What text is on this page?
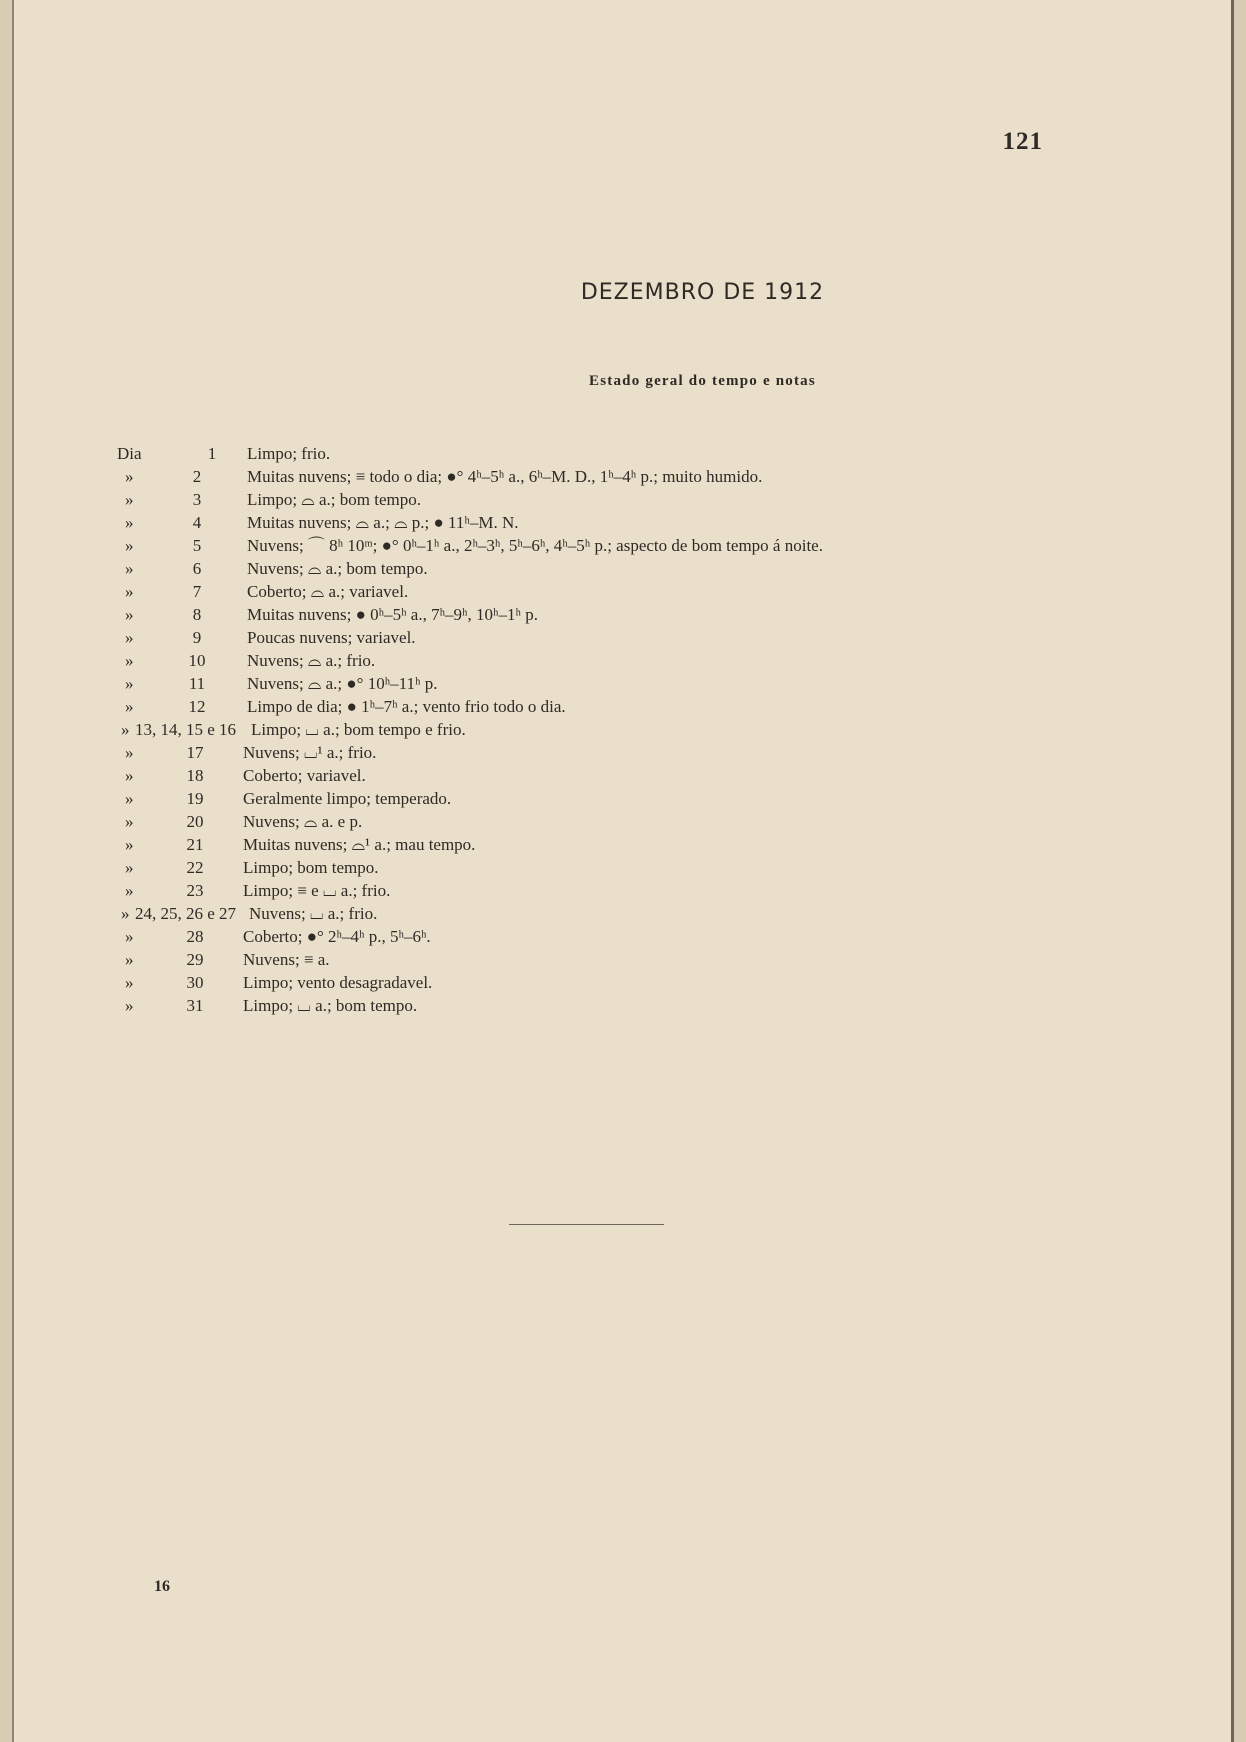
121
DEZEMBRO DE 1912
Estado geral do tempo e notas
Dia	1	Limpo; frio.
»	2	Muitas nuvens; ≡ todo o dia; ●° 4ʰ–5ʰ a., 6ʰ–M. D., 1ʰ–4ʰ p.; muito humido.
»	3	Limpo; ⌓ a.; bom tempo.
»	4	Muitas nuvens; ⌓ a.; ⌓ p.; ● 11ʰ–M. N.
»	5	Nuvens; ⌒ 8ʰ 10ᵐ; ●° 0ʰ–1ʰ a., 2ʰ–3ʰ, 5ʰ–6ʰ, 4ʰ–5ʰ p.; aspecto de bom tempo á noite.
»	6	Nuvens; ⌓ a.; bom tempo.
»	7	Coberto; ⌓ a.; variavel.
»	8	Muitas nuvens; ● 0ʰ–5ʰ a., 7ʰ–9ʰ, 10ʰ–1ʰ p.
»	9	Poucas nuvens; variavel.
»	10	Nuvens; ⌓ a.; frio.
»	11	Nuvens; ⌓ a.; ●° 10ʰ–11ʰ p.
»	12	Limpo de dia; ● 1ʰ–7ʰ a.; vento frio todo o dia.
» 13, 14, 15 e 16 Limpo; ⌴ a.; bom tempo e frio.
»	17	Nuvens; ⌴¹ a.; frio.
»	18	Coberto; variavel.
»	19	Geralmente limpo; temperado.
»	20	Nuvens; ⌓ a. e p.
»	21	Muitas nuvens; ⌓¹ a.; mau tempo.
»	22	Limpo; bom tempo.
»	23	Limpo; ≡ e ⌴ a.; frio.
» 24, 25, 26 e 27 Nuvens; ⌴ a.; frio.
»	28	Coberto; ●° 2ʰ–4ʰ p., 5ʰ–6ʰ.
»	29	Nuvens; ≡ a.
»	30	Limpo; vento desagradavel.
»	31	Limpo; ⌴ a.; bom tempo.
16
